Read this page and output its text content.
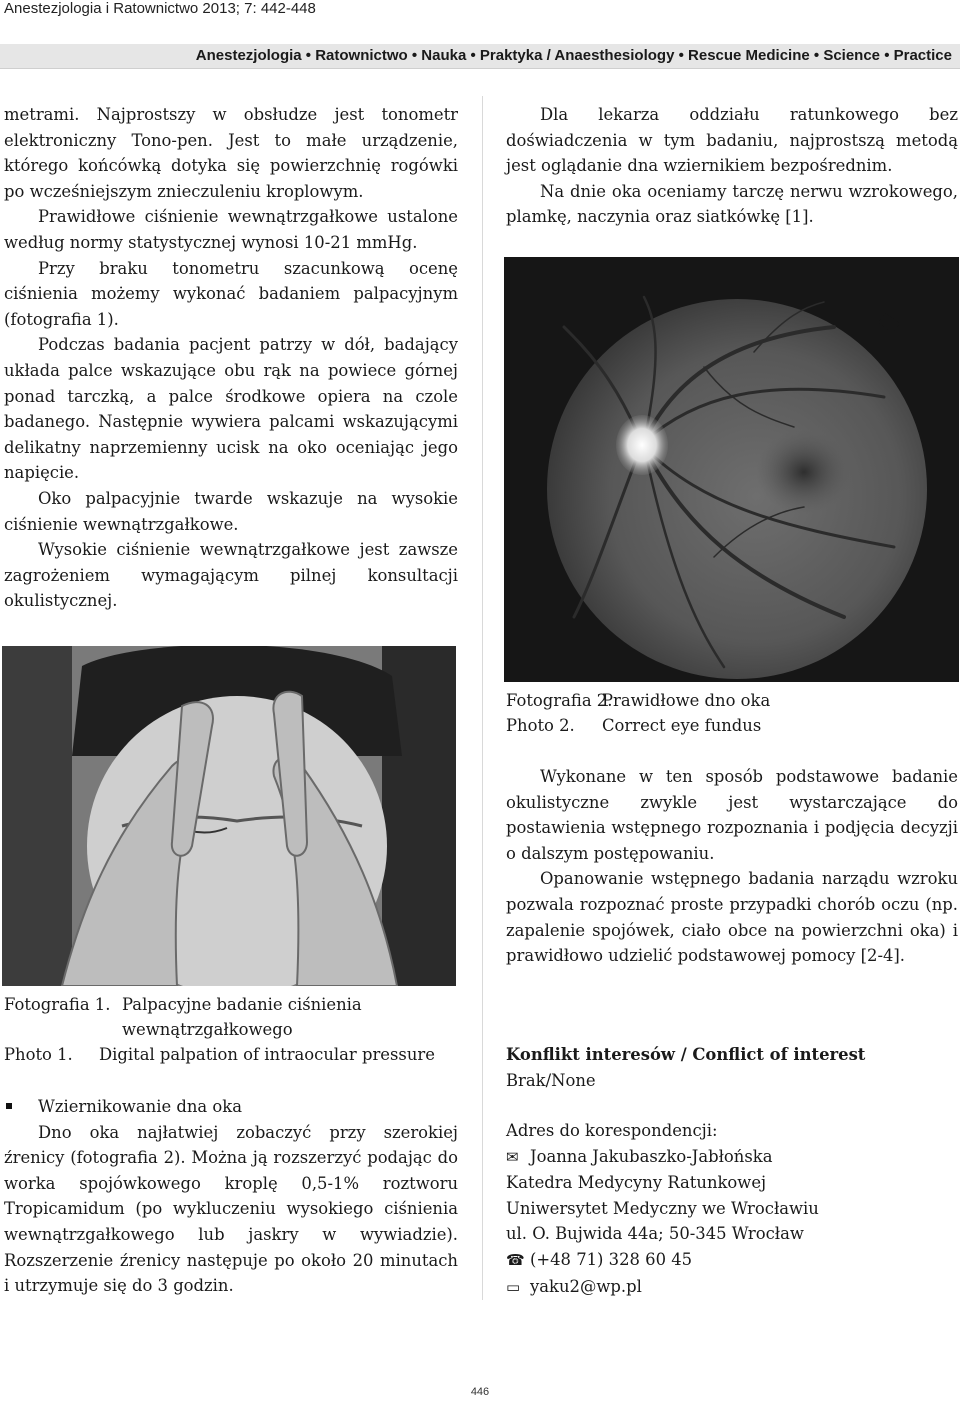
Anestezjologia i Ratownictwo 2013; 7: 442-448

Anestezjologia • Ratownictwo • Nauka • Praktyka / Anaesthesiology • Rescue Medicine • Science • Practice

metrami. Najprostszy w obsłudze jest tonometr elektroniczny Tono-pen. Jest to małe urządzenie, którego końcówką dotyka się powierzchnię rogówki po wcześniejszym znieczuleniu kroplowym.

Prawidłowe ciśnienie wewnątrzgałkowe ustalone według normy statystycznej wynosi 10-21 mmHg.

Przy braku tonometru szacunkową ocenę ciśnienia możemy wykonać badaniem palpacyjnym (fotografia 1).

Podczas badania pacjent patrzy w dół, badający układa palce wskazujące obu rąk na powiece górnej ponad tarczką, a palce środkowe opiera na czole badanego. Następnie wywiera palcami wskazującymi delikatny naprzemienny ucisk na oko oceniając jego napięcie.

Oko palpacyjnie twarde wskazuje na wysokie ciśnienie wewnątrzgałkowe.

Wysokie ciśnienie wewnątrzgałkowe jest zawsze zagrożeniem wymagającym pilnej konsultacji okulistycznej.

Dla lekarza oddziału ratunkowego bez doświadczenia w tym badaniu, najprostszą metodą jest oglądanie dna wziernikiem bezpośrednim.

Na dnie oka oceniamy tarczę nerwu wzrokowego, plamkę, naczynia oraz siatkówkę [1].

Fotografia 2.Prawidłowe dno oka
Photo 2. Correct eye fundus

Wykonane w ten sposób podstawowe badanie okulistyczne zwykle jest wystarczające do postawienia wstępnego rozpoznania i podjęcia decyzji o dalszym postępowaniu.

Opanowanie wstępnego badania narządu wzroku pozwala rozpoznać proste przypadki chorób oczu (np. zapalenie spojówek, ciało obce na powierzchni oka) i prawidłowo udzielić podstawowej pomocy [2-4].

Fotografia 1. Palpacyjne badanie ciśnienia
wewnątrzgałkowego
Photo 1. Digital palpation of intraocular pressure
Wziernikowanie dna oka

Dno oka najłatwiej zobaczyć przy szerokiej źrenicy (fotografia 2). Można ją rozszerzyć podając do worka spojówkowego kroplę 0,5-1% roztworu Tropicamidum (po wykluczeniu wysokiego ciśnienia wewnątrzgałkowego lub jaskry w wywiadzie). Rozszerzenie źrenicy następuje po około 20 minutach i utrzymuje się do 3 godzin.

Konflikt interesów / Conflict of interest
Brak/None
Adres do korespondencji:
✉ Joanna Jakubaszko-Jabłońska
Katedra Medycyny Ratunkowej
Uniwersytet Medyczny we Wrocławiu
ul. O. Bujwida 44a; 50-345 Wrocław
☎ (+48 71) 328 60 45
▭ yaku2@wp.pl

446
